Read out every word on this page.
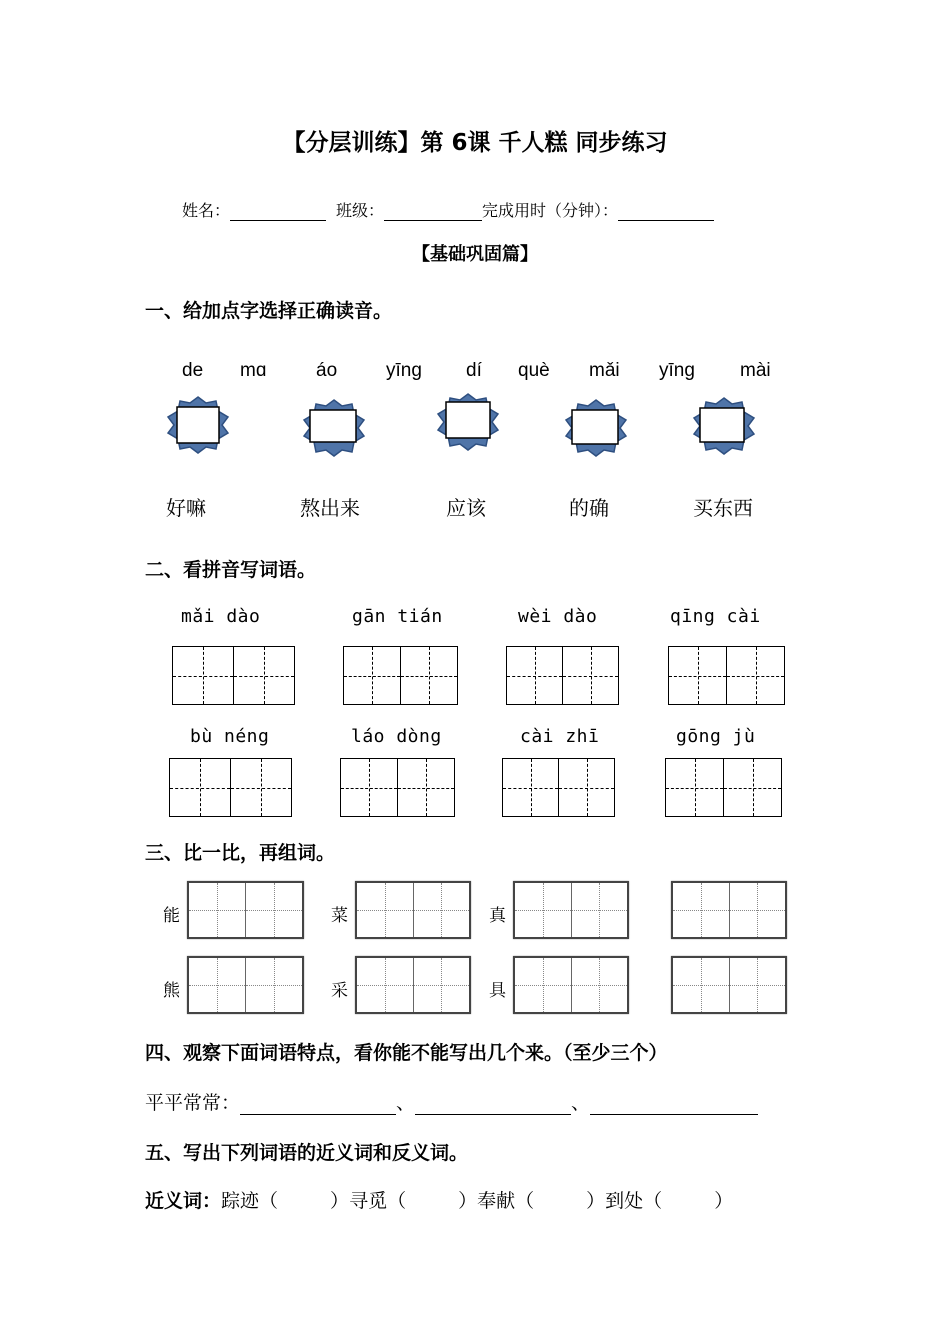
【分层训练】第 6课 千人糕 同步练习
姓名：	班级：	完成用时（分钟）：
【基础巩固篇】
一、给加点字选择正确读音。
de mɑ	áo	yīng dí què mǎi yīng mài
好嘛	熬出来	应该	的确	买东西
二、看拼音写词语。
mǎi dào	gān tián	wèi dào	qīng cài
bù néng	láo dòng	cài zhī	gōng jù
三、比一比，再组词。
能	菜	真
熊	采	具
四、观察下面词语特点，看你能不能写出几个来。（至少三个）
平平常常：	、	、
五、写出下列词语的近义词和反义词。
近义词：踪迹（	）寻觅（	）奉献（	）到处（	）
